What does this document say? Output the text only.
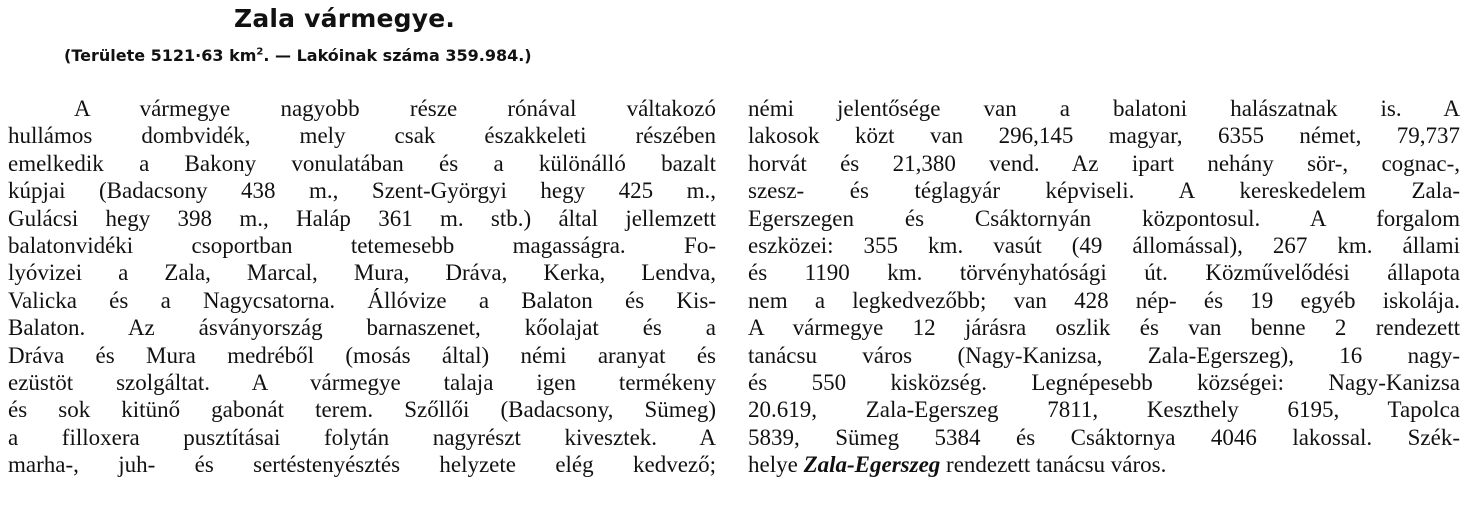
Zala vármegye.
(Területe 5121·63 $km^2$. — Lakóinak száma 359.984.)
A vármegye nagyobb része rónával váltakozó
hullámos dombvidék, mely csak északkeleti részében
emelkedik a Bakony vonulatában és a különálló bazalt
kúpjai (Badacsony 438 m., Szent-Györgyi hegy 425 m.,
Gulácsi hegy 398 m., Haláp 361 m. stb.) által jellemzett
balatonvidéki csoportban tetemesebb magasságra. Fo-
lyóvizei a Zala, Marcal, Mura, Dráva, Kerka, Lendva,
Valicka és a Nagycsatorna. Állóvize a Balaton és Kis-
Balaton. Az ásványország barnaszenet, kőolajat és a
Dráva és Mura medréből (mosás által) némi aranyat és
ezüstöt szolgáltat. A vármegye talaja igen termékeny
és sok kitünő gabonát terem. Szőllői (Badacsony, Sümeg)
a filloxera pusztításai folytán nagyrészt kivesztek. A
marha-, juh- és sertéstenyésztés helyzete elég kedvező;
némi jelentősége van a balatoni halászatnak is. A
lakosok közt van 296,145 magyar, 6355 német, 79,737
horvát és 21,380 vend. Az ipart nehány sör-, cognac-,
szesz- és téglagyár képviseli. A kereskedelem Zala-
Egerszegen és Csáktornyán központosul. A forgalom
eszközei: 355 km. vasút (49 állomással), 267 km. állami
és 1190 km. törvényhatósági út. Közművelődési állapota
nem a legkedvezőbb; van 428 nép- és 19 egyéb iskolája.
A vármegye 12 járásra oszlik és van benne 2 rendezett
tanácsu város (Nagy-Kanizsa, Zala-Egerszeg), 16 nagy-
és 550 kisközség. Legnépesebb községei: Nagy-Kanizsa
20.619, Zala-Egerszeg 7811, Keszthely 6195, Tapolca
5839, Sümeg 5384 és Csáktornya 4046 lakossal. Szék-
helye Zala-Egerszeg rendezett tanácsu város.
